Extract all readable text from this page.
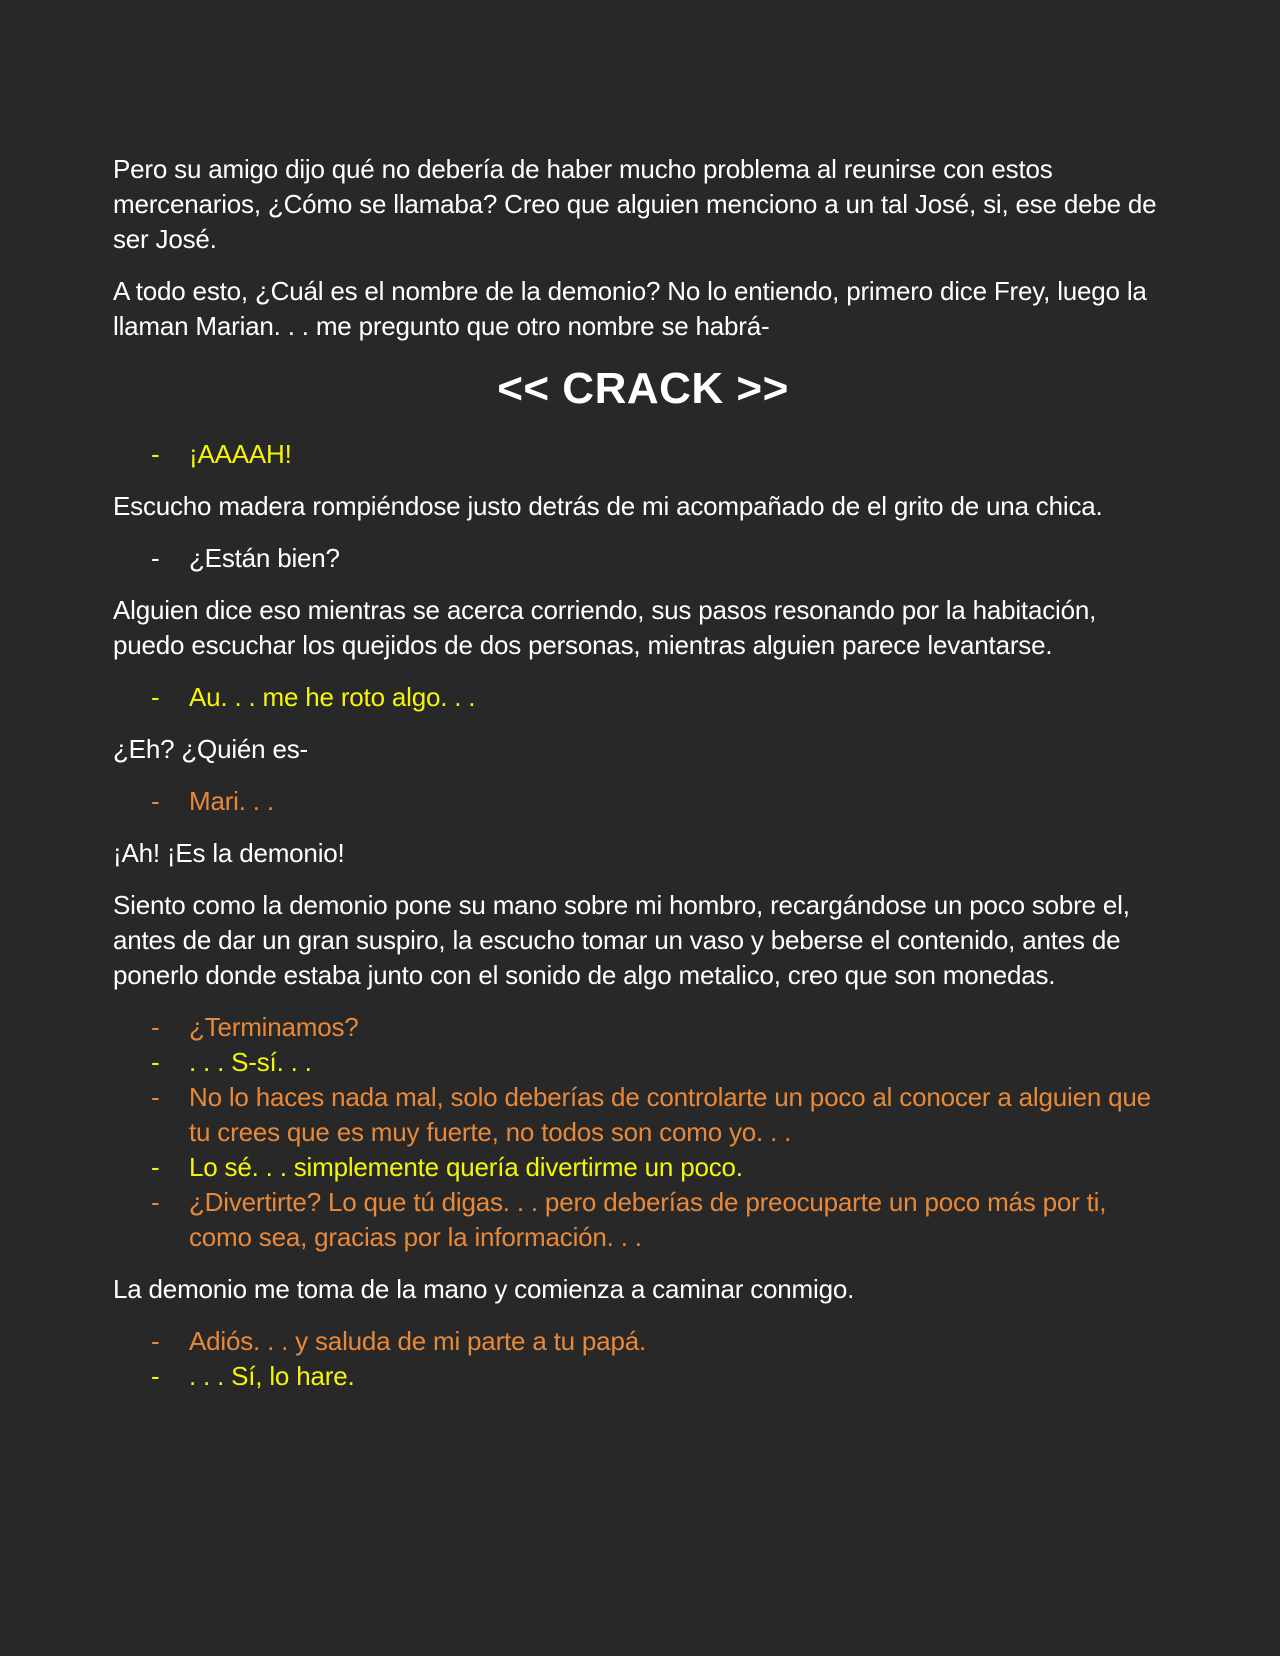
Pero su amigo dijo qué no debería de haber mucho problema al reunirse con estos mercenarios, ¿Cómo se llamaba? Creo que alguien menciono a un tal José, si, ese debe de ser José.

A todo esto, ¿Cuál es el nombre de la demonio? No lo entiendo, primero dice Frey, luego la llaman Marian. . . me pregunto que otro nombre se habrá-

<< CRACK >>
- ¡AAAAH!

Escucho madera rompiéndose justo detrás de mi acompañado de el grito de una chica.

- ¿Están bien?

Alguien dice eso mientras se acerca corriendo, sus pasos resonando por la habitación, puedo escuchar los quejidos de dos personas, mientras alguien parece levantarse.

- Au. . . me he roto algo. . .

¿Eh? ¿Quién es-

- Mari. . .

¡Ah! ¡Es la demonio!

Siento como la demonio pone su mano sobre mi hombro, recargándose un poco sobre el, antes de dar un gran suspiro, la escucho tomar un vaso y beberse el contenido, antes de ponerlo donde estaba junto con el sonido de algo metalico, creo que son monedas.

- ¿Terminamos?
- . . . S-sí. . .
- No lo haces nada mal, solo deberías de controlarte un poco al conocer a alguien que tu crees que es muy fuerte, no todos son como yo. . .
- Lo sé. . . simplemente quería divertirme un poco.
- ¿Divertirte? Lo que tú digas. . . pero deberías de preocuparte un poco más por ti, como sea, gracias por la información. . .

La demonio me toma de la mano y comienza a caminar conmigo.

- Adiós. . . y saluda de mi parte a tu papá.
- . . . Sí, lo hare.
